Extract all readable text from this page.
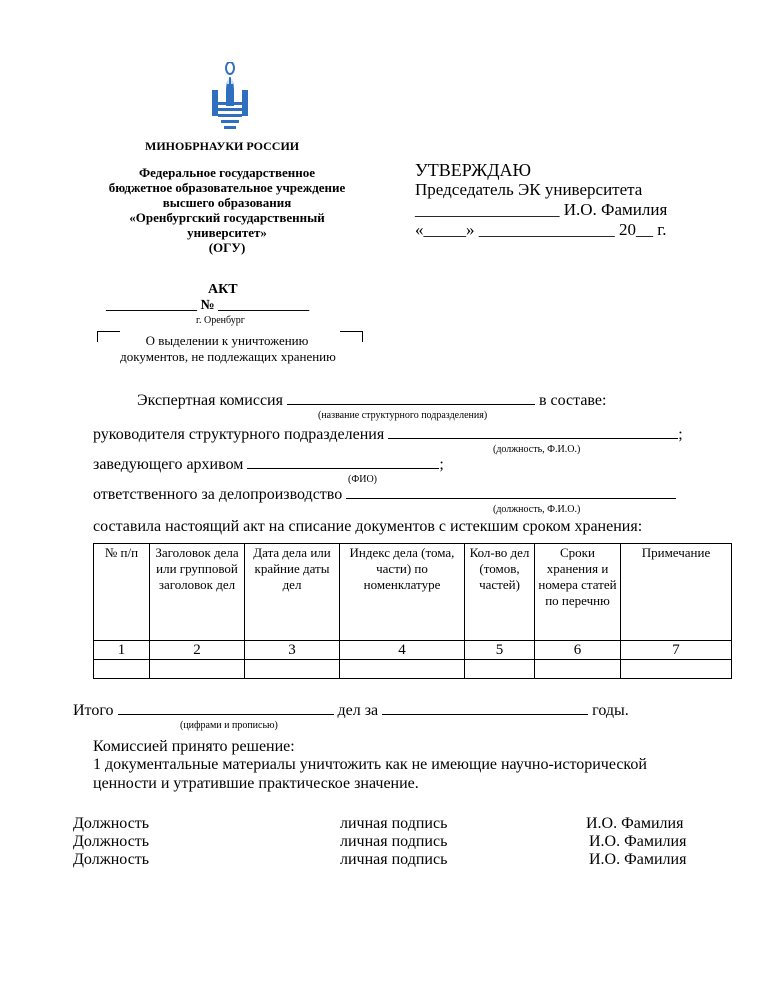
МИНОБРНАУКИ РОССИИ
Федеральное государственное
бюджетное образовательное учреждение
высшего образования
«Оренбургский государственный
университет»
(ОГУ)
УТВЕРЖДАЮ
Председатель ЭК университета
_________________ И.О. Фамилия
«_____» ________________ 20__ г.
АКТ
_____________ № _____________
г. Оренбург
О выделении к уничтожению
документов, не подлежащих хранению
Экспертная комиссия	в составе:
(название структурного подразделения)
руководителя структурного подразделения	;
(должность, Ф.И.О.)
заведующего архивом	;
(ФИО)
ответственного за делопроизводство
(должность, Ф.И.О.)
составила настоящий акт на списание документов с истекшим сроком хранения:
№ п/п	Заголовок дела или групповой заголовок дел	Дата дела или крайние даты дел	Индекс дела (тома, части) по номенклатуре	Кол-во дел (томов, частей)	Сроки хранения и номера статей по перечню	Примечание
1	2	3	4	5	6	7

Итого	дел за	годы.
(цифрами и прописью)
Комиссией принято решение:
1 документальные материалы уничтожить как не имеющие научно-исторической
ценности и утратившие практическое значение.
Должность	личная подпись	И.О. Фамилия
Должность	личная подпись	И.О. Фамилия
Должность	личная подпись	И.О. Фамилия
